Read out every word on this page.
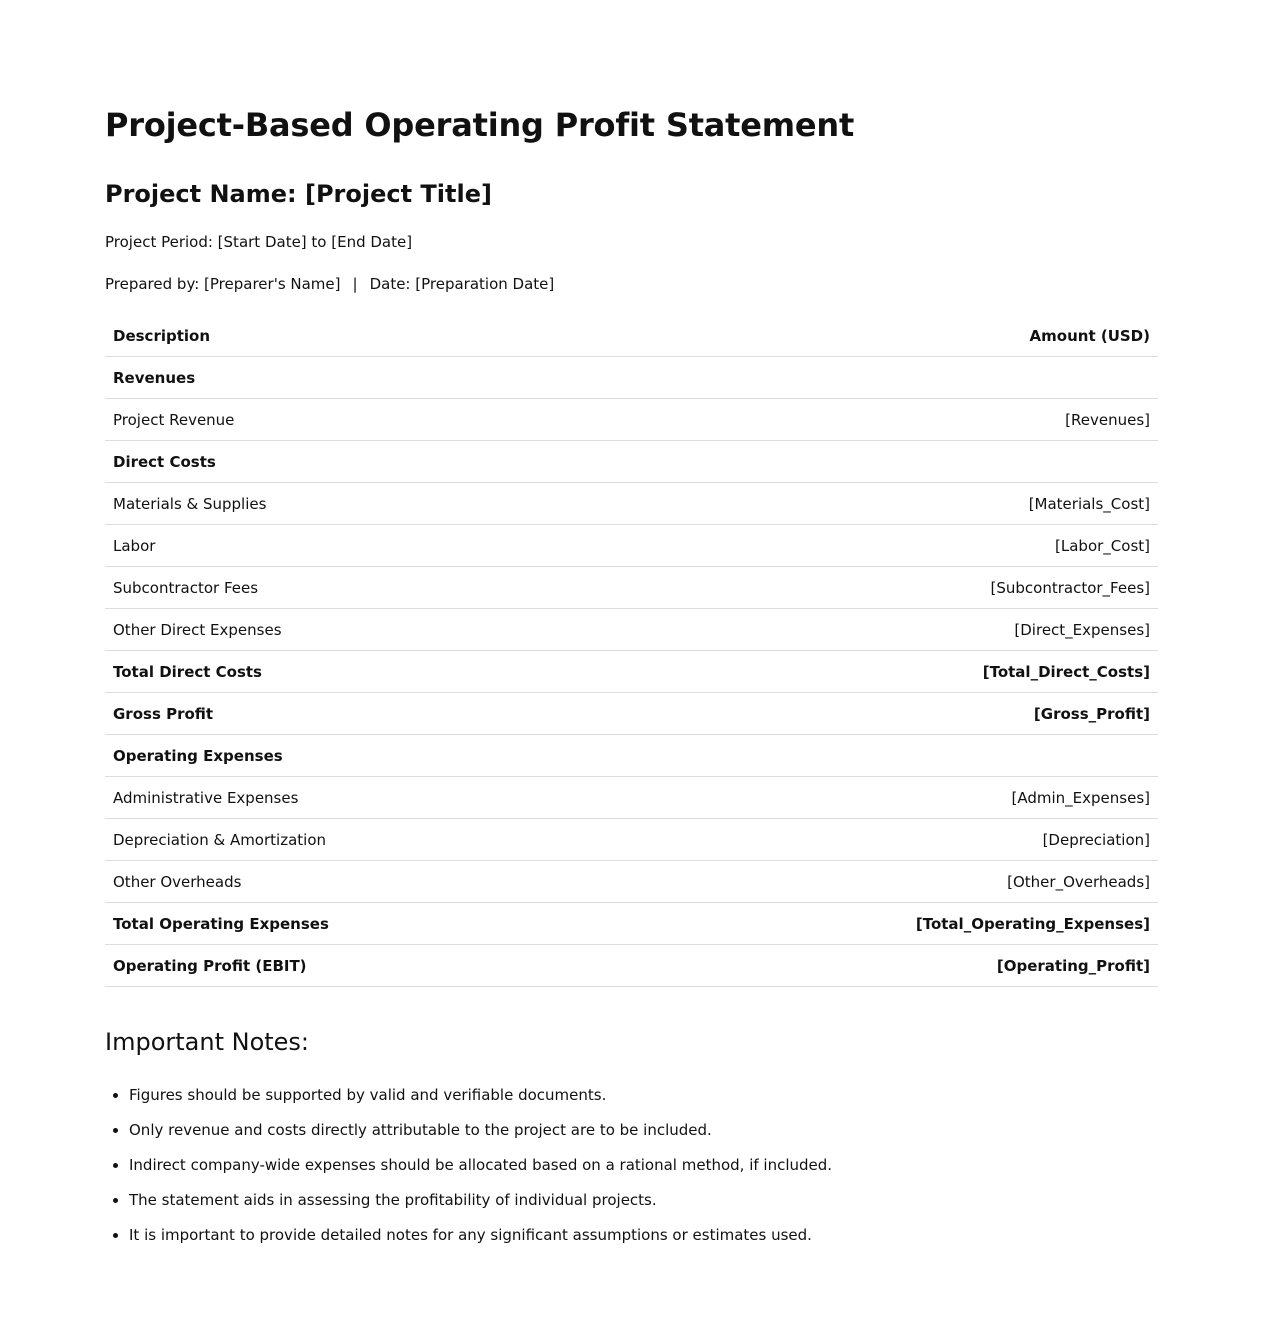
Project-Based Operating Profit Statement
Project Name: [Project Title]

Project Period: [Start Date] to [End Date]

Prepared by: [Preparer's Name] | Date: [Preparation Date]

Description	Amount (USD)
Revenues	
Project Revenue	[Revenues]
Direct Costs	
Materials & Supplies	[Materials_Cost]
Labor	[Labor_Cost]
Subcontractor Fees	[Subcontractor_Fees]
Other Direct Expenses	[Direct_Expenses]
Total Direct Costs	[Total_Direct_Costs]
Gross Profit	[Gross_Profit]
Operating Expenses	
Administrative Expenses	[Admin_Expenses]
Depreciation & Amortization	[Depreciation]
Other Overheads	[Other_Overheads]
Total Operating Expenses	[Total_Operating_Expenses]
Operating Profit (EBIT)	[Operating_Profit]
Important Notes:
• Figures should be supported by valid and verifiable documents.
• Only revenue and costs directly attributable to the project are to be included.
• Indirect company-wide expenses should be allocated based on a rational method, if included.
• The statement aids in assessing the profitability of individual projects.
• It is important to provide detailed notes for any significant assumptions or estimates used.
